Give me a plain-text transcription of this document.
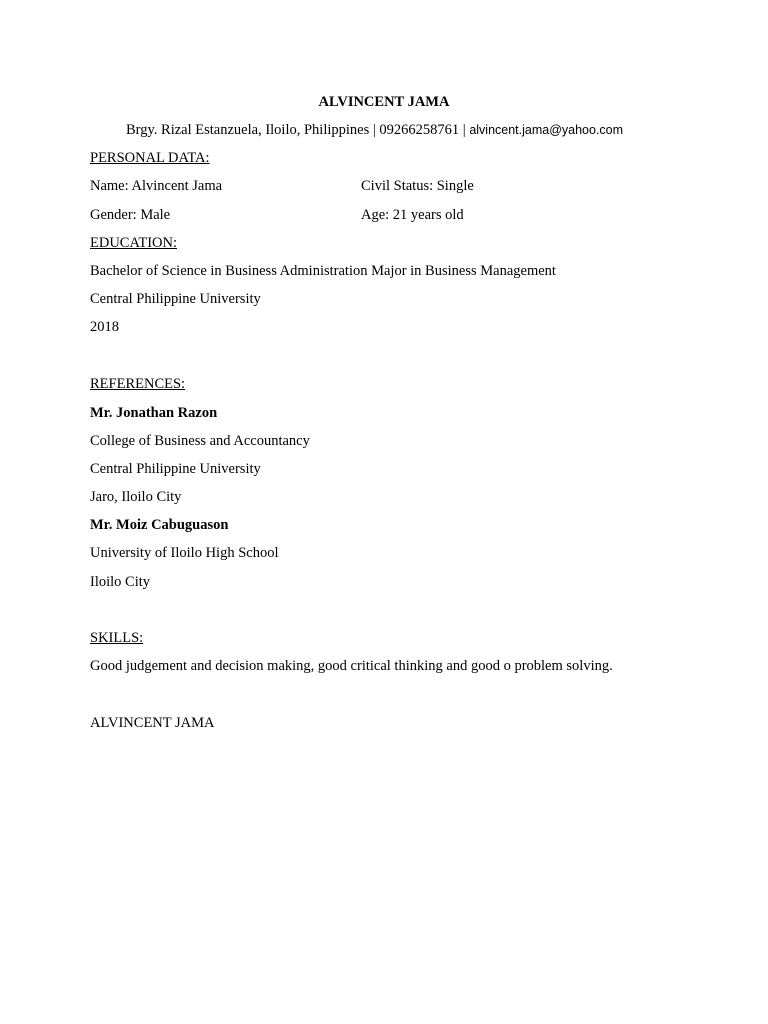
ALVINCENT JAMA
Brgy. Rizal Estanzuela, Iloilo, Philippines | 09266258761 | alvincent.jama@yahoo.com
PERSONAL DATA:
Name: Alvincent Jama	Civil Status: Single
Gender: Male	Age: 21 years old
EDUCATION:
Bachelor of Science in Business Administration Major in Business Management
Central Philippine University
2018
REFERENCES:
Mr. Jonathan Razon
College of Business and Accountancy
Central Philippine University
Jaro, Iloilo City
Mr. Moiz Cabuguason
University of Iloilo High School
Iloilo City
SKILLS:
Good judgement and decision making, good critical thinking and good o problem solving.
ALVINCENT JAMA
